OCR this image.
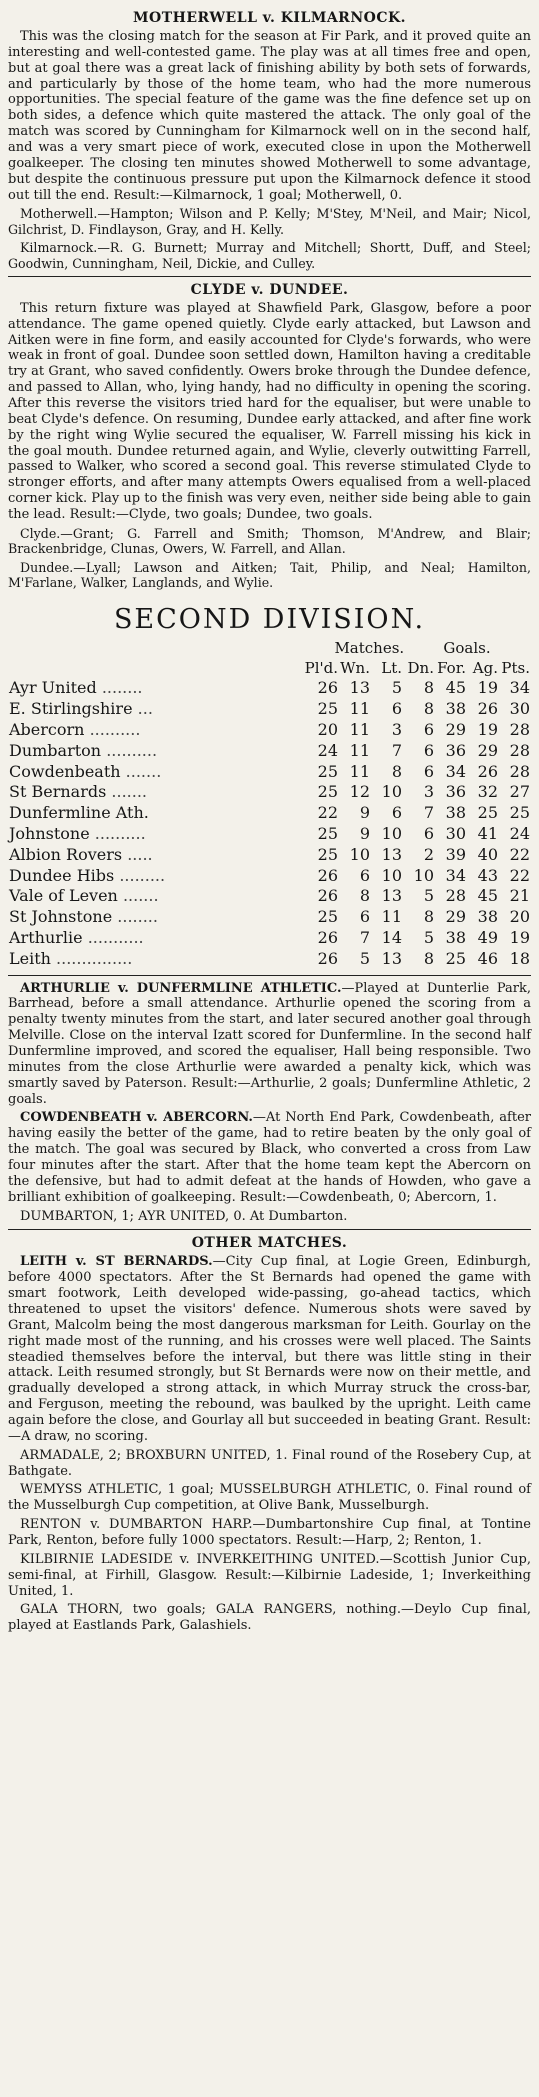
MOTHERWELL v. KILMARNOCK.

This was the closing match for the season at Fir Park, and it proved quite an interesting and well-contested game. The play was at all times free and open, but at goal there was a great lack of finishing ability by both sets of forwards, and particularly by those of the home team, who had the more numerous opportunities. The special feature of the game was the fine defence set up on both sides, a defence which quite mastered the attack. The only goal of the match was scored by Cunningham for Kilmarnock well on in the second half, and was a very smart piece of work, executed close in upon the Motherwell goalkeeper. The closing ten minutes showed Motherwell to some advantage, but despite the continuous pressure put upon the Kilmarnock defence it stood out till the end. Result:—Kilmarnock, 1 goal; Motherwell, 0.

Motherwell.—Hampton; Wilson and P. Kelly; M'Stey, M'Neil, and Mair; Nicol, Gilchrist, D. Findlayson, Gray, and H. Kelly.

Kilmarnock.—R. G. Burnett; Murray and Mitchell; Shortt, Duff, and Steel; Goodwin, Cunningham, Neil, Dickie, and Culley.

CLYDE v. DUNDEE.

This return fixture was played at Shawfield Park, Glasgow, before a poor attendance. The game opened quietly. Clyde early attacked, but Lawson and Aitken were in fine form, and easily accounted for Clyde's forwards, who were weak in front of goal. Dundee soon settled down, Hamilton having a creditable try at Grant, who saved confidently. Owers broke through the Dundee defence, and passed to Allan, who, lying handy, had no difficulty in opening the scoring. After this reverse the visitors tried hard for the equaliser, but were unable to beat Clyde's defence. On resuming, Dundee early attacked, and after fine work by the right wing Wylie secured the equaliser, W. Farrell missing his kick in the goal mouth. Dundee returned again, and Wylie, cleverly outwitting Farrell, passed to Walker, who scored a second goal. This reverse stimulated Clyde to stronger efforts, and after many attempts Owers equalised from a well-placed corner kick. Play up to the finish was very even, neither side being able to gain the lead. Result:—Clyde, two goals; Dundee, two goals.

Clyde.—Grant; G. Farrell and Smith; Thomson, M'Andrew, and Blair; Brackenbridge, Clunas, Owers, W. Farrell, and Allan.

Dundee.—Lyall; Lawson and Aitken; Tait, Philip, and Neal; Hamilton, M'Farlane, Walker, Langlands, and Wylie.

SECOND DIVISION.
	Matches.				Goals.		
	Pl'd.	Wn.	Lt.	Dn.	For.	Ag.	Pts.
Ayr United ........	26	13	5	8	45	19	34
E. Stirlingshire ...	25	11	6	8	38	26	30
Abercorn ..........	20	11	3	6	29	19	28
Dumbarton ..........	24	11	7	6	36	29	28
Cowdenbeath .......	25	11	8	6	34	26	28
St Bernards .......	25	12	10	3	36	32	27
Dunfermline Ath.	22	9	6	7	38	25	25
Johnstone ..........	25	9	10	6	30	41	24
Albion Rovers .....	25	10	13	2	39	40	22
Dundee Hibs .........	26	6	10	10	34	43	22
Vale of Leven .......	26	8	13	5	28	45	21
St Johnstone ........	25	6	11	8	29	38	20
Arthurlie ...........	26	7	14	5	38	49	19
Leith ...............	26	5	13	8	25	46	18

ARTHURLIE v. DUNFERMLINE ATHLETIC.—Played at Dunterlie Park, Barrhead, before a small attendance. Arthurlie opened the scoring from a penalty twenty minutes from the start, and later secured another goal through Melville. Close on the interval Izatt scored for Dunfermline. In the second half Dunfermline improved, and scored the equaliser, Hall being responsible. Two minutes from the close Arthurlie were awarded a penalty kick, which was smartly saved by Paterson. Result:—Arthurlie, 2 goals; Dunfermline Athletic, 2 goals.

COWDENBEATH v. ABERCORN.—At North End Park, Cowdenbeath, after having easily the better of the game, had to retire beaten by the only goal of the match. The goal was secured by Black, who converted a cross from Law four minutes after the start. After that the home team kept the Abercorn on the defensive, but had to admit defeat at the hands of Howden, who gave a brilliant exhibition of goalkeeping. Result:—Cowdenbeath, 0; Abercorn, 1.

DUMBARTON, 1; AYR UNITED, 0. At Dumbarton.

OTHER MATCHES.

LEITH v. ST BERNARDS.—City Cup final, at Logie Green, Edinburgh, before 4000 spectators. After the St Bernards had opened the game with smart footwork, Leith developed wide-passing, go-ahead tactics, which threatened to upset the visitors' defence. Numerous shots were saved by Grant, Malcolm being the most dangerous marksman for Leith. Gourlay on the right made most of the running, and his crosses were well placed. The Saints steadied themselves before the interval, but there was little sting in their attack. Leith resumed strongly, but St Bernards were now on their mettle, and gradually developed a strong attack, in which Murray struck the cross-bar, and Ferguson, meeting the rebound, was baulked by the upright. Leith came again before the close, and Gourlay all but succeeded in beating Grant. Result:—A draw, no scoring.

ARMADALE, 2; BROXBURN UNITED, 1. Final round of the Rosebery Cup, at Bathgate.

WEMYSS ATHLETIC, 1 goal; MUSSELBURGH ATHLETIC, 0. Final round of the Musselburgh Cup competition, at Olive Bank, Musselburgh.

RENTON v. DUMBARTON HARP.—Dumbartonshire Cup final, at Tontine Park, Renton, before fully 1000 spectators. Result:—Harp, 2; Renton, 1.

KILBIRNIE LADESIDE v. INVERKEITHING UNITED.—Scottish Junior Cup, semi-final, at Firhill, Glasgow. Result:—Kilbirnie Ladeside, 1; Inverkeithing United, 1.

GALA THORN, two goals; GALA RANGERS, nothing.—Deylo Cup final, played at Eastlands Park, Galashiels.
